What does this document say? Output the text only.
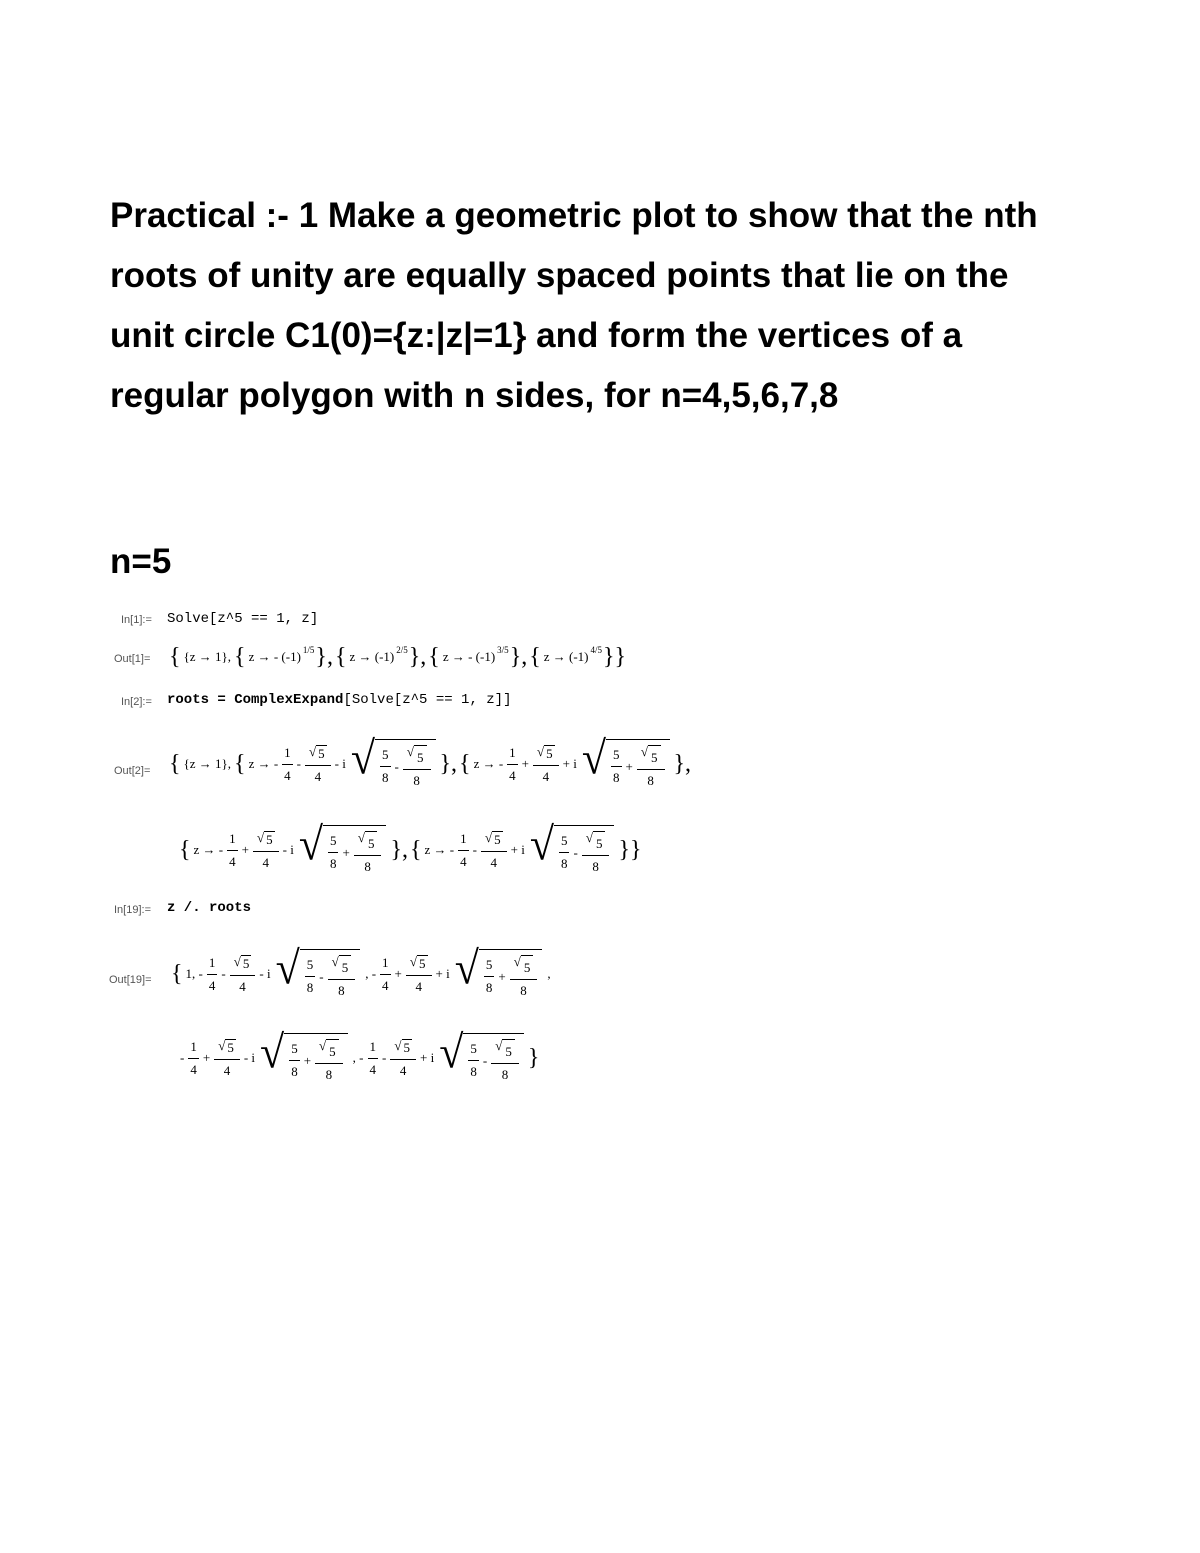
Practical :- 1 Make a geometric plot to show that the nth roots of unity are equally spaced points that lie on the unit circle C1(0)={z:|z|=1} and form the vertices of a regular polygon with n sides, for n=4,5,6,7,8
n=5
In[1]:= Solve[z^5 == 1, z]
Out[1]= { {z → 1}, { z → - (-1) 1/5 }, { z → (-1) 2/5 }, { z → - (-1) 3/5 }, { z → (-1) 4/5 }}
In[2]:= roots = ComplexExpand[Solve[z^5 == 1, z]]
Out[2]= { {z → 1}, { z → - $\frac{1}{4} - \frac{√ 5}{4}$ - i √ $\frac{5}{8} - \frac{√ 5}{8}$ }, { z → - $\frac{1}{4} + \frac{√ 5}{4} + i$ √ $\frac{5}{8} + \frac{√ 5}{8}$ },
{ z → - $\frac{1}{4} + \frac{√ 5}{4} - i$ √ $\frac{5}{8} + \frac{√ 5}{8}$ }, { z → - $\frac{1}{4} - \frac{√ 5}{4} + i$ √ $\frac{5}{8} - \frac{√ 5}{8}$ }}
In[19]:= z /. roots
Out[19]= { 1, - $\frac{1}{4} - \frac{√ 5}{4}$ - i √ $\frac{5}{8} - \frac{√ 5}{8}$ , - $\frac{1}{4} + \frac{√ 5}{4} + i$ √ $\frac{5}{8} + \frac{√ 5}{8}$ ,
- $\frac{1}{4} + \frac{√ 5}{4} - i$ √ $\frac{5}{8} + \frac{√ 5}{8}$ , - $\frac{1}{4} - \frac{√ 5}{4} + i$ √ $\frac{5}{8} - \frac{√ 5}{8}$ }
